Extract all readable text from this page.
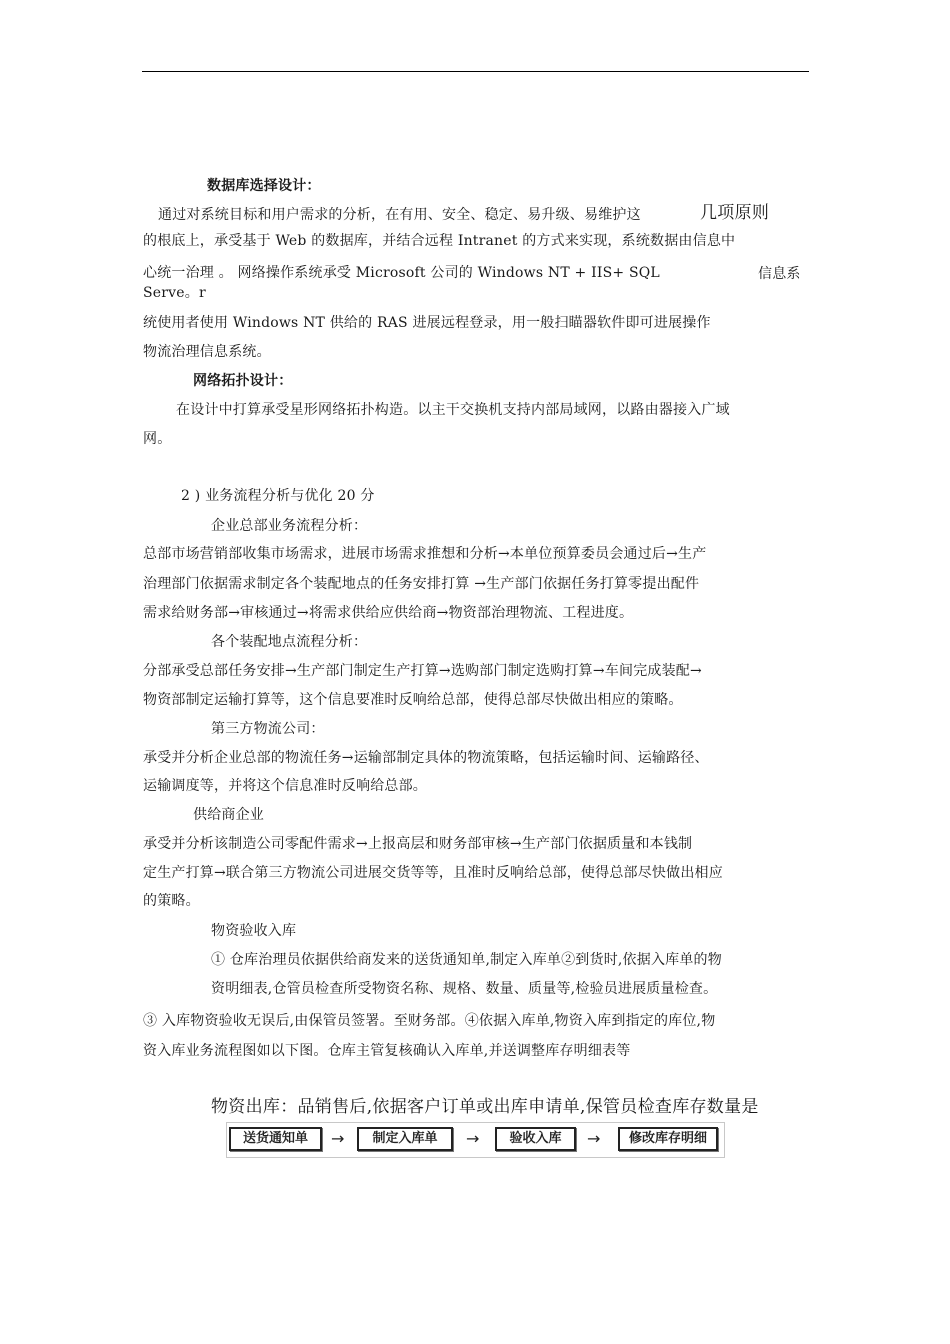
数据库选择设计：
通过对系统目标和用户需求的分析，在有用、安全、稳定、易升级、易维护这	几项原则
的根底上，承受基于 Web 的数据库，并结合远程 Intranet 的方式来实现，系统数据由信息中
心统一治理 。 网络操作系统承受 Microsoft 公司的 Windows NT + IIS+ SQL	信息系
Serve。r
统使用者使用 Windows NT 供给的 RAS 进展远程登录，用一般扫瞄器软件即可进展操作
物流治理信息系统。
网络拓扑设计：
在设计中打算承受星形网络拓扑构造。以主干交换机支持内部局域网，以路由器接入广域
网。
2 ) 业务流程分析与优化 20 分
企业总部业务流程分析：
总部市场营销部收集市场需求，进展市场需求推想和分析→本单位预算委员会通过后→生产
治理部门依据需求制定各个装配地点的任务安排打算 →生产部门依据任务打算零提出配件
需求给财务部→审核通过→将需求供给应供给商→物资部治理物流、工程进度。
各个装配地点流程分析：
分部承受总部任务安排→生产部门制定生产打算→选购部门制定选购打算→车间完成装配→
物资部制定运输打算等，这个信息要准时反响给总部，使得总部尽快做出相应的策略。
第三方物流公司：
承受并分析企业总部的物流任务→运输部制定具体的物流策略，包括运输时间、运输路径、
运输调度等，并将这个信息准时反响给总部。
供给商企业
承受并分析该制造公司零配件需求→上报高层和财务部审核→生产部门依据质量和本钱制
定生产打算→联合第三方物流公司进展交货等等，且准时反响给总部，使得总部尽快做出相应
的策略。
物资验收入库
① 仓库治理员依据供给商发来的送货通知单,制定入库单②到货时,依据入库单的物
资明细表,仓管员检查所受物资名称、规格、数量、质量等,检验员进展质量检查。
③ 入库物资验收无误后,由保管员签署。至财务部。④依据入库单,物资入库到指定的库位,物
资入库业务流程图如以下图。仓库主管复核确认入库单,并送调整库存明细表等
物资出库：品销售后,依据客户订单或出库申请单,保管员检查库存数量是
送货通知单	→	制定入库单	→	验收入库	→	修改库存明细
